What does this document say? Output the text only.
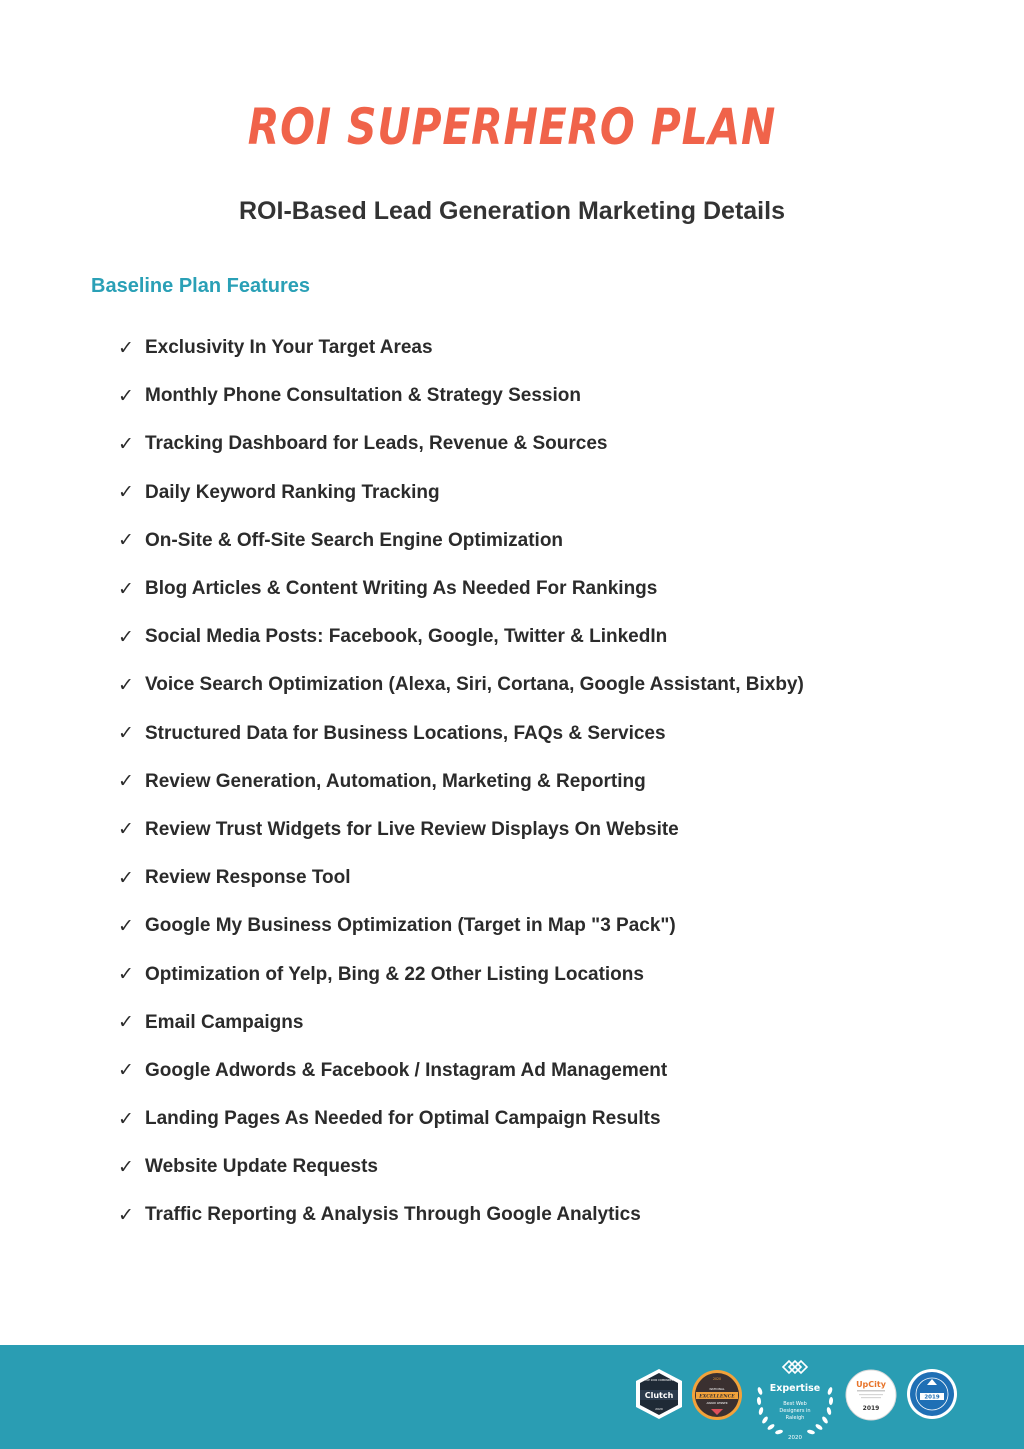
ROI SUPERHERO PLAN
ROI-Based Lead Generation Marketing Details
Baseline Plan Features
✓ Exclusivity In Your Target Areas
✓ Monthly Phone Consultation & Strategy Session
✓ Tracking Dashboard for Leads, Revenue & Sources
✓ Daily Keyword Ranking Tracking
✓ On-Site & Off-Site Search Engine Optimization
✓ Blog Articles & Content Writing As Needed For Rankings
✓ Social Media Posts: Facebook, Google, Twitter & LinkedIn
✓ Voice Search Optimization (Alexa, Siri, Cortana, Google Assistant, Bixby)
✓ Structured Data for Business Locations, FAQs & Services
✓ Review Generation, Automation, Marketing & Reporting
✓ Review Trust Widgets for Live Review Displays On Website
✓ Review Response Tool
✓ Google My Business Optimization (Target in Map "3 Pack")
✓ Optimization of Yelp, Bing & 22 Other Listing Locations
✓ Email Campaigns
✓ Google Adwords & Facebook / Instagram Ad Management
✓ Landing Pages As Needed for Optimal Campaign Results
✓ Website Update Requests
✓ Traffic Reporting & Analysis Through Google Analytics
TOP 1000 COMPANIES
Clutch
2020
2020
NATIONAL
EXCELLENCE
AWARD WINNER
Expertise
Best Web
Designers in
Raleigh
2020
UpCity
2019
2019
